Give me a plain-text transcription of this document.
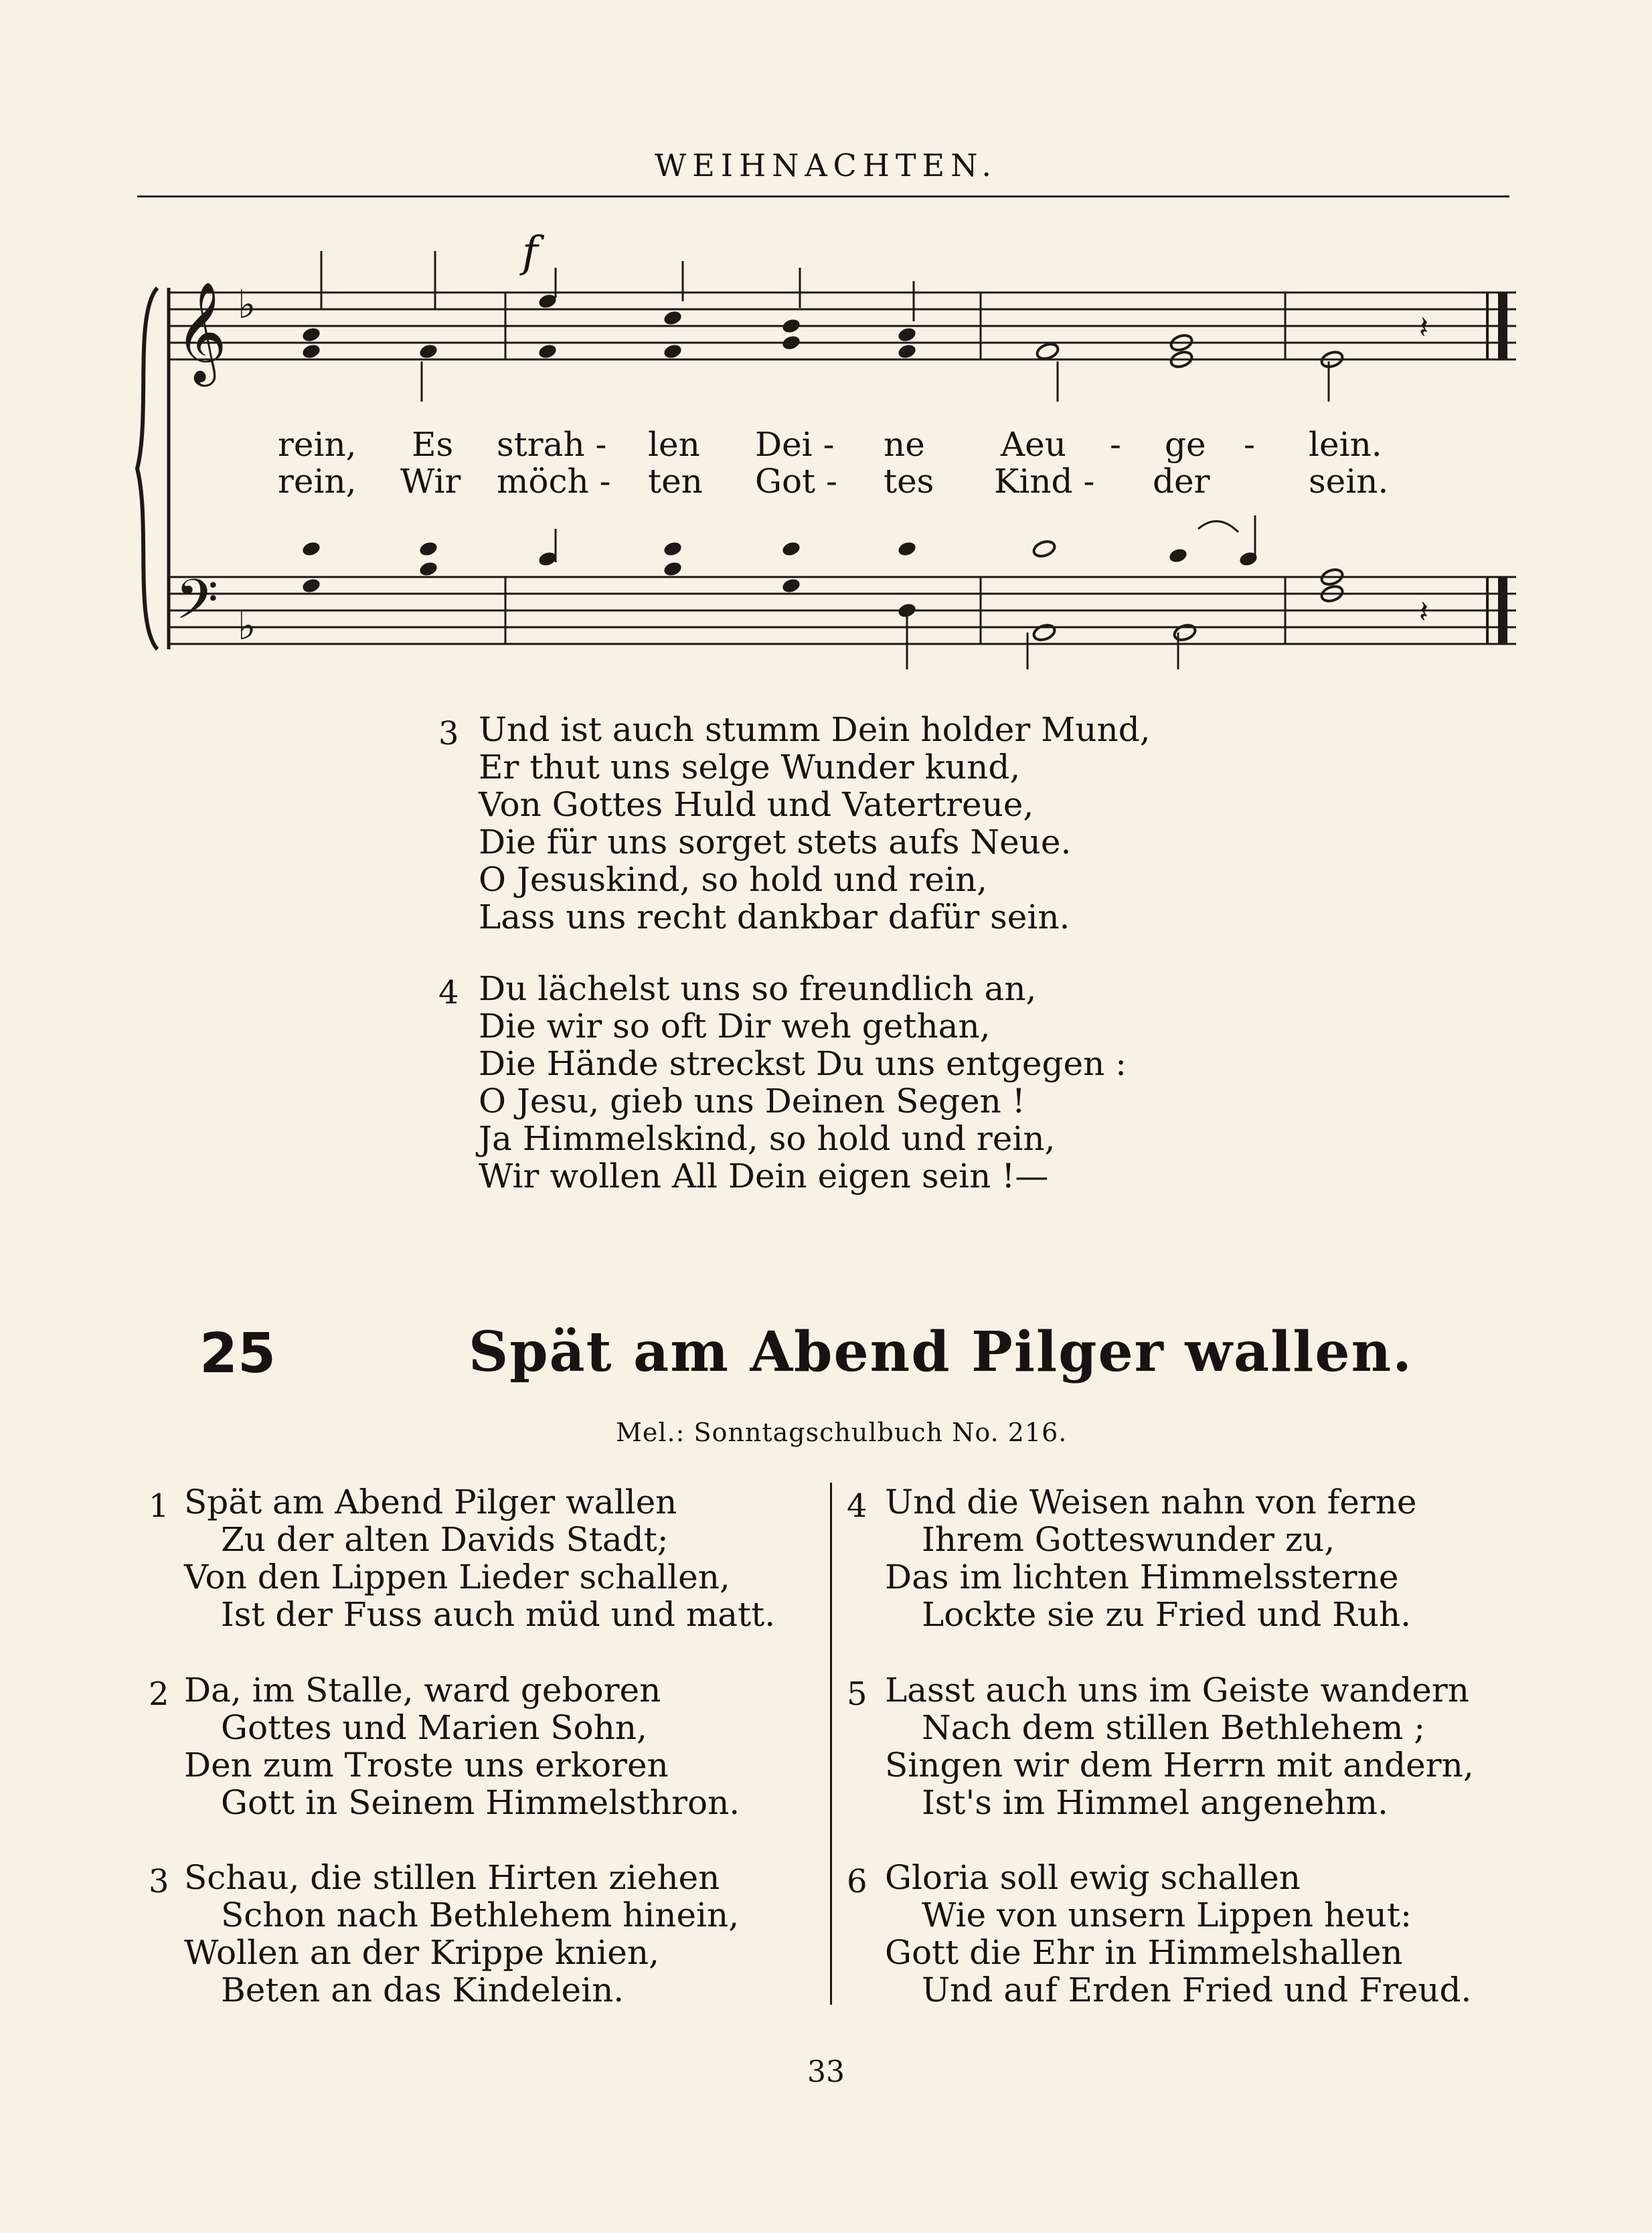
WEIHNACHTEN.
𝄞
𝄢
♭
♭
𝄽
𝄽
f
rein, Es strah - len Dei - ne Aeu - ge - lein.
rein, Wir möch - ten Got - tes Kind - der	sein.
3 Und ist auch stumm Dein holder Mund,
Er thut uns selge Wunder kund,
Von Gottes Huld und Vatertreue,
Die für uns sorget stets aufs Neue.
O Jesuskind, so hold und rein,
Lass uns recht dankbar dafür sein.
4 Du lächelst uns so freundlich an,
Die wir so oft Dir weh gethan,
Die Hände streckst Du uns entgegen :
O Jesu, gieb uns Deinen Segen !
Ja Himmelskind, so hold und rein,
Wir wollen All Dein eigen sein !—
25	Spät am Abend Pilger wallen.
Mel.: Sonntagschulbuch No. 216.
1 Spät am Abend Pilger wallen
Zu der alten Davids Stadt;
Von den Lippen Lieder schallen,
Ist der Fuss auch müd und matt.
2 Da, im Stalle, ward geboren
Gottes und Marien Sohn,
Den zum Troste uns erkoren
Gott in Seinem Himmelsthron.
3 Schau, die stillen Hirten ziehen
Schon nach Bethlehem hinein,
Wollen an der Krippe knien,
Beten an das Kindelein.
4 Und die Weisen nahn von ferne
Ihrem Gotteswunder zu,
Das im lichten Himmelssterne
Lockte sie zu Fried und Ruh.
5 Lasst auch uns im Geiste wandern
Nach dem stillen Bethlehem ;
Singen wir dem Herrn mit andern,
Ist's im Himmel angenehm.
6 Gloria soll ewig schallen
Wie von unsern Lippen heut:
Gott die Ehr in Himmelshallen
Und auf Erden Fried und Freud.
33
